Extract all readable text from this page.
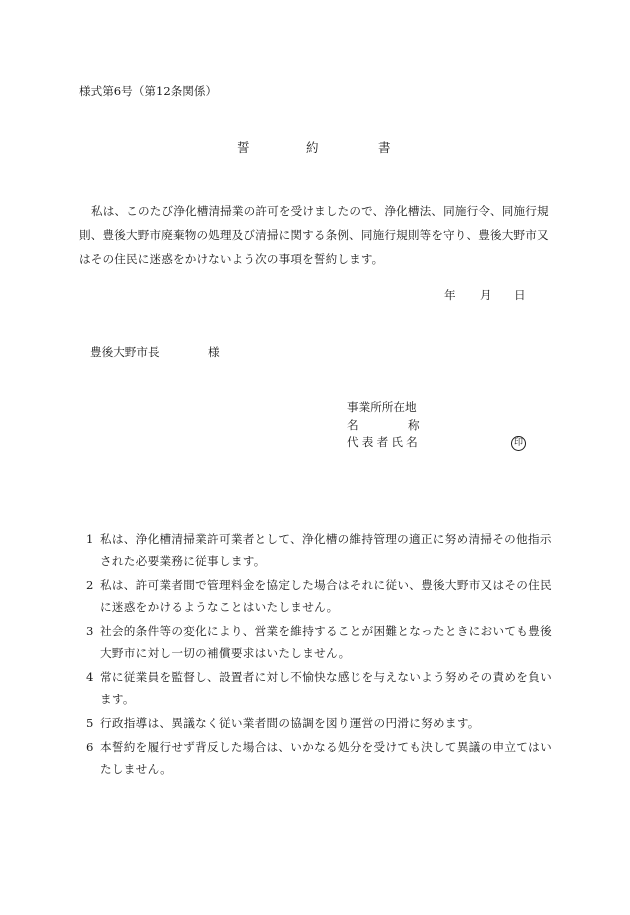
様式第6号（第12条関係）
誓	約	書
私は、このたび浄化槽清掃業の許可を受けましたので、浄化槽法、同施行令、同施行規則、豊後大野市廃棄物の処理及び清掃に関する条例、同施行規則等を守り、豊後大野市又はその住民に迷惑をかけないよう次の事項を誓約します。
年 月 日
豊後大野市長	様
事業所所在地
名	称
代表者氏名	印
1 私は、浄化槽清掃業許可業者として、浄化槽の維持管理の適正に努め清掃その他指示された必要業務に従事します。
2 私は、許可業者間で管理料金を協定した場合はそれに従い、豊後大野市又はその住民に迷惑をかけるようなことはいたしません。
3 社会的条件等の変化により、営業を維持することが困難となったときにおいても豊後大野市に対し一切の補償要求はいたしません。
4 常に従業員を監督し、設置者に対し不愉快な感じを与えないよう努めその責めを負います。
5 行政指導は、異議なく従い業者間の協調を図り運営の円滑に努めます。
6 本誓約を履行せず背反した場合は、いかなる処分を受けても決して異議の申立てはいたしません。
